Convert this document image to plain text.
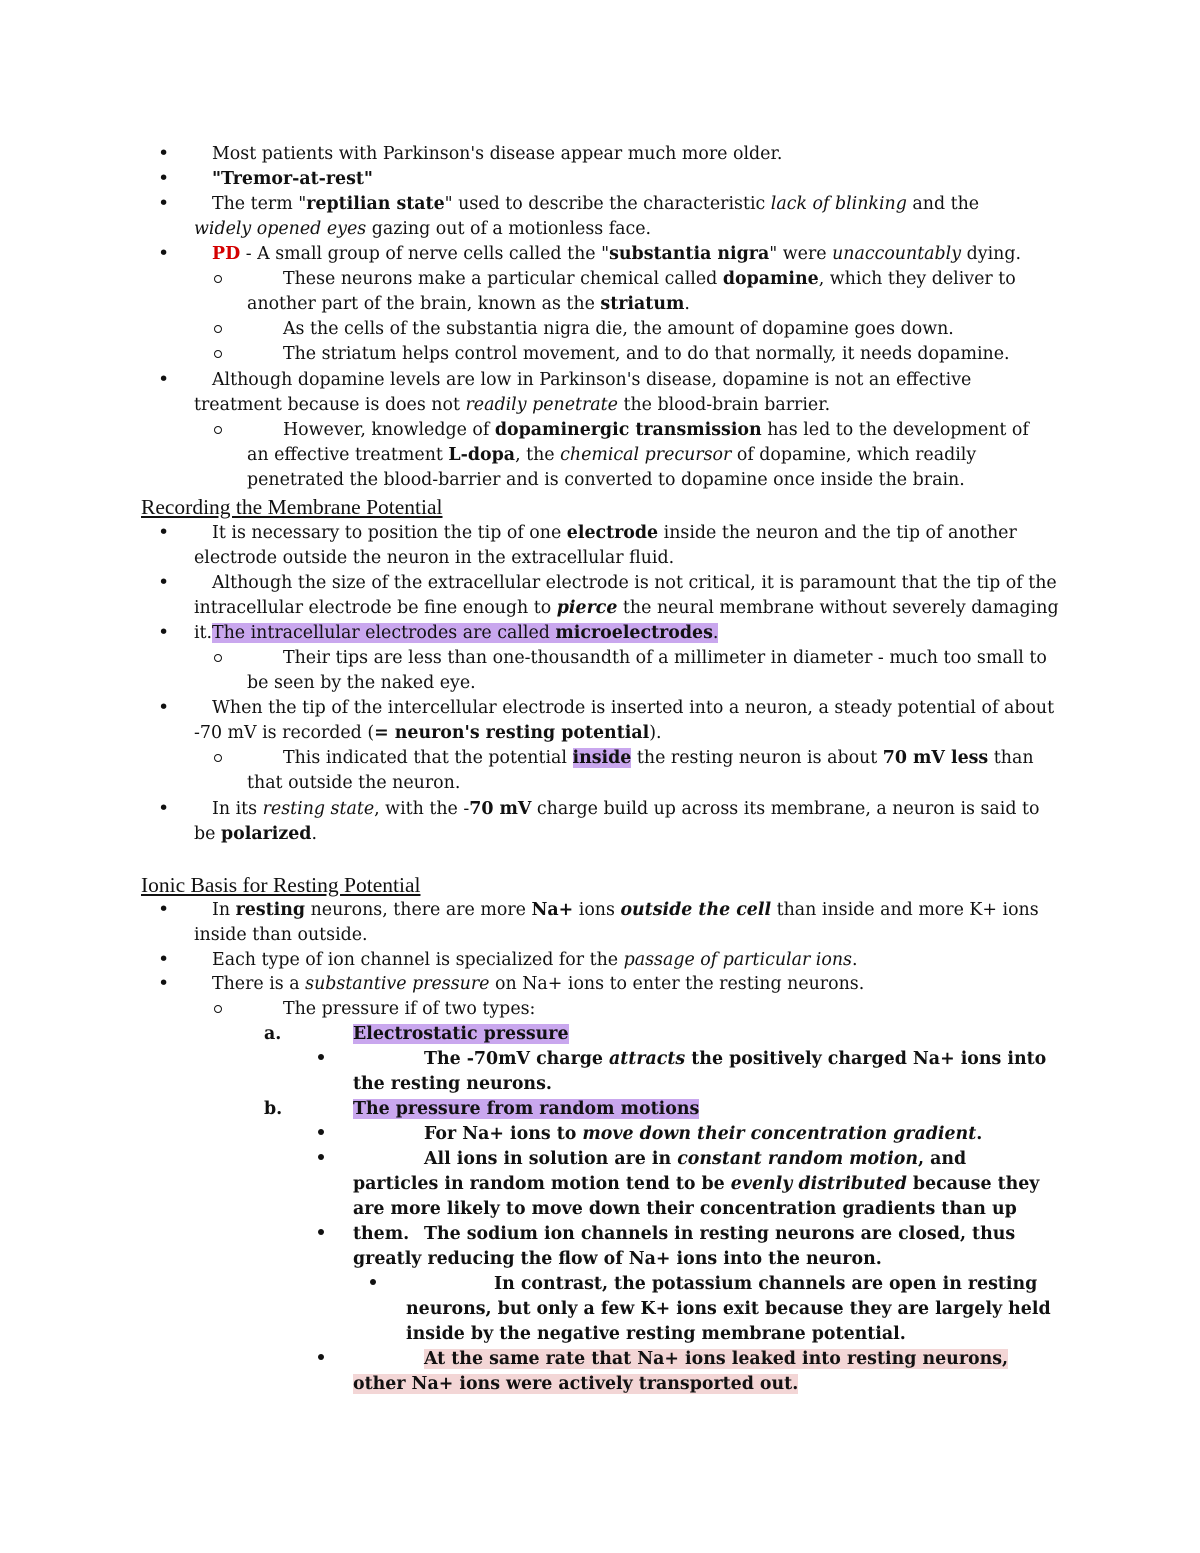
• Most patients with Parkinson's disease appear much more older.
• "Tremor-at-rest"
•	The term "reptilian state" used to describe the characteristic lack of blinking and the widely opened eyes gazing out of a motionless face.
• PD - A small group of nerve cells called the "substantia nigra" were unaccountably dying.
These neurons make a particular chemical called dopamine, which they deliver to another part of the brain, known as the striatum.
As the cells of the substantia nigra die, the amount of dopamine goes down.
The striatum helps control movement, and to do that normally, it needs dopamine.
•	Although dopamine levels are low in Parkinson's disease, dopamine is not an effective treatment because is does not readily penetrate the blood-brain barrier.
However, knowledge of dopaminergic transmission has led to the development of an effective treatment L-dopa, the chemical precursor of dopamine, which readily penetrated the blood-barrier and is converted to dopamine once inside the brain.
Recording the Membrane Potential
•	It is necessary to position the tip of one electrode inside the neuron and the tip of another electrode outside the neuron in the extracellular fluid.
•	Although the size of the extracellular electrode is not critical, it is paramount that the tip of the intracellular electrode be fine enough to pierce the neural membrane without severely damaging it.
• The intracellular electrodes are called microelectrodes.
Their tips are less than one-thousandth of a millimeter in diameter - much too small to be seen by the naked eye.
•	When the tip of the intercellular electrode is inserted into a neuron, a steady potential of about -70 mV is recorded (= neuron's resting potential).
This indicated that the potential inside the resting neuron is about 70 mV less than that outside the neuron.
•	In its resting state, with the -70 mV charge build up across its membrane, a neuron is said to be polarized.
Ionic Basis for Resting Potential
•	In resting neurons, there are more Na+ ions outside the cell than inside and more K+ ions inside than outside.
• Each type of ion channel is specialized for the passage of particular ions.
• There is a substantive pressure on Na+ ions to enter the resting neurons.
The pressure if of two types:
a.	Electrostatic pressure
The -70mV charge attracts the positively charged Na+ ions into the resting neurons.
b.	The pressure from random motions
For Na+ ions to move down their concentration gradient.
All ions in solution are in constant random motion, and particles in random motion tend to be evenly distributed because they are more likely to move down their concentration gradients than up them. The sodium ion channels in resting neurons are closed, thus greatly reducing the flow of Na+ ions into the neuron.
In contrast, the potassium channels are open in resting neurons, but only a few K+ ions exit because they are largely held inside by the negative resting membrane potential.
At the same rate that Na+ ions leaked into resting neurons, other Na+ ions were actively transported out.
